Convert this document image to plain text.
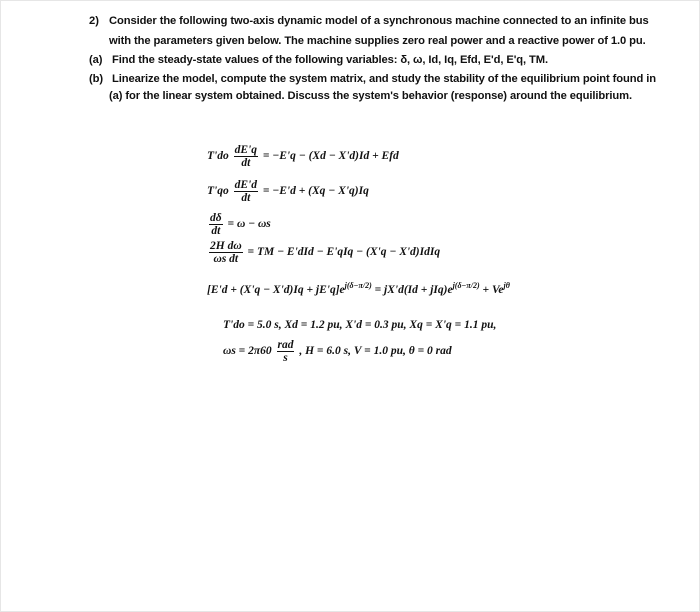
2) Consider the following two-axis dynamic model of a synchronous machine connected to an infinite bus
with the parameters given below. The machine supplies zero real power and a reactive power of 1.0 pu.
(a) Find the steady-state values of the following variables: δ, ω, Id, Iq, Efd, E'd, E'q, TM.
(b) Linearize the model, compute the system matrix, and study the stability of the equilibrium point found in
(a) for the linear system obtained. Discuss the system's behavior (response) around the equilibrium.
$T'do \frac{dE'q}{dt} = -E'q - (Xd - X'd)Id$ + Efd
$T'qo \frac{dE'd}{dt} = -E'd + (Xq - X'q)Iq$
$\frac{d\delta}{dt} = \omega - \omega s$
$\frac{\text{2H dω}}{\text{ωs dt}}$ = TM − E'dId − E'qIq − (X'q − X'd)IdIq
$[E'd + (X'q - X'd)Iq + jE'q]e^{j(\delta-\pi/2)} = jX'd(Id + jIq)e^{j(\delta-\pi/2)} + Ve^{j\theta}$
T'do = 5.0 s, Xd = 1.2 pu, X'd = 0.3 pu, Xq = X'q = 1.1 pu,
$\omega s = 2\pi 60 \frac{\text{rad}}{s}$ , H = 6.0 s, V = 1.0 pu, θ = 0 rad
